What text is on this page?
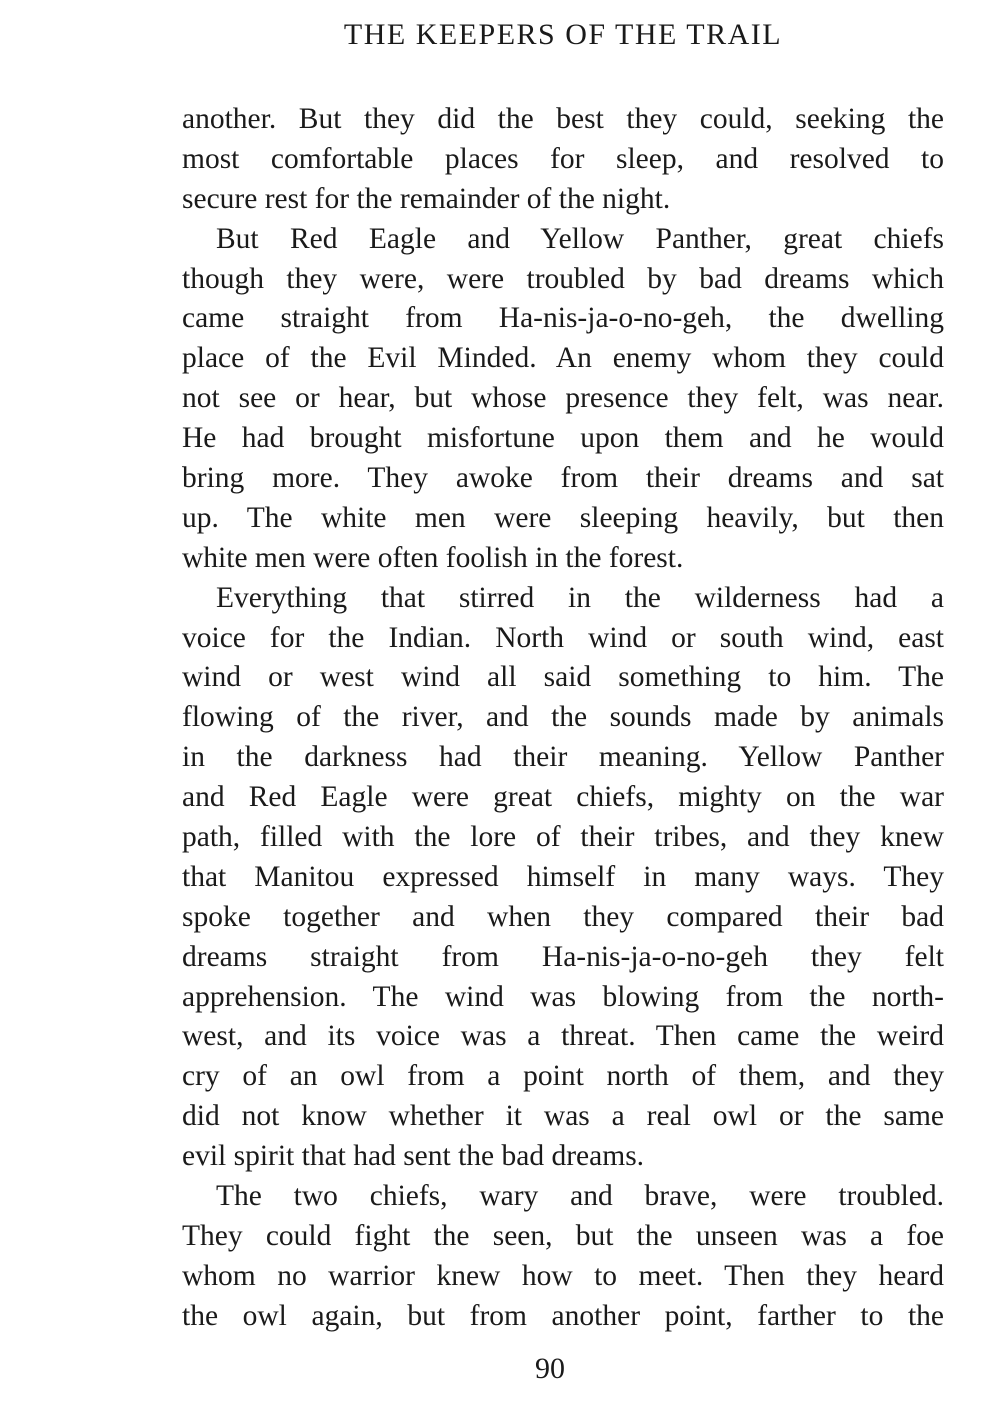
THE KEEPERS OF THE TRAIL
another. But they did the best they could, seeking the
most comfortable places for sleep, and resolved to
secure rest for the remainder of the night.
But Red Eagle and Yellow Panther, great chiefs
though they were, were troubled by bad dreams which
came straight from Ha-nis-ja-o-no-geh, the dwelling
place of the Evil Minded. An enemy whom they could
not see or hear, but whose presence they felt, was near.
He had brought misfortune upon them and he would
bring more. They awoke from their dreams and sat
up. The white men were sleeping heavily, but then
white men were often foolish in the forest.
Everything that stirred in the wilderness had a
voice for the Indian. North wind or south wind, east
wind or west wind all said something to him. The
flowing of the river, and the sounds made by animals
in the darkness had their meaning. Yellow Panther
and Red Eagle were great chiefs, mighty on the war
path, filled with the lore of their tribes, and they knew
that Manitou expressed himself in many ways. They
spoke together and when they compared their bad
dreams straight from Ha-nis-ja-o-no-geh they felt
apprehension. The wind was blowing from the north-
west, and its voice was a threat. Then came the weird
cry of an owl from a point north of them, and they
did not know whether it was a real owl or the same
evil spirit that had sent the bad dreams.
The two chiefs, wary and brave, were troubled.
They could fight the seen, but the unseen was a foe
whom no warrior knew how to meet. Then they heard
the owl again, but from another point, farther to the
90
